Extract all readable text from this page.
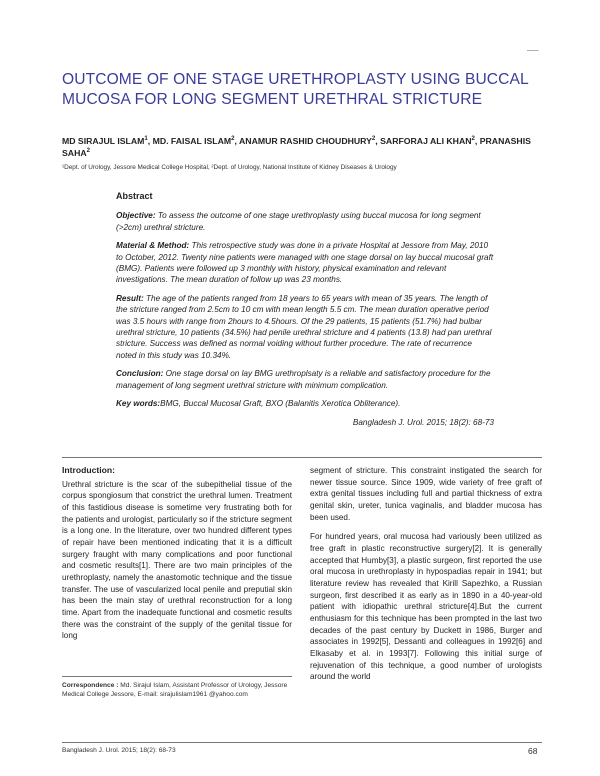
___
OUTCOME OF ONE STAGE URETHROPLASTY USING BUCCAL MUCOSA FOR LONG SEGMENT URETHRAL STRICTURE
MD SIRAJUL ISLAM$^1$, MD. FAISAL ISLAM$^2$, ANAMUR RASHID CHOUDHURY$^2$, SARFORAJ ALI KHAN$^2$, PRANASHIS SAHA$^2$
¹Dept. of Urology, Jessore Medical College Hospital, ²Dept. of Urology, National Institute of Kidney Diseases & Urology
Abstract

Objective: To assess the outcome of one stage urethroplasty using buccal mucosa for long segment (>2cm) urethral stricture.

Material & Method: This retrospective study was done in a private Hospital at Jessore from May, 2010 to October, 2012. Twenty nine patients were managed with one stage dorsal on lay buccal mucosal graft (BMG). Patients were followed up 3 monthly with history, physical examination and relevant investigations. The mean duration of follow up was 23 months.

Result: The age of the patients ranged from 18 years to 65 years with mean of 35 years. The length of the stricture ranged from 2.5cm to 10 cm with mean length 5.5 cm. The mean duration operative period was 3.5 hours with range from 2hours to 4.5hours. Of the 29 patients, 15 patients (51.7%) had bulbar urethral stricture, 10 patients (34.5%) had penile urethral stricture and 4 patients (13.8) had pan urethral stricture. Success was defined as normal voiding without further procedure. The rate of recurrence noted in this study was 10.34%.

Conclusion: One stage dorsal on lay BMG urethroplsaty is a reliable and satisfactory procedure for the management of long segment urethral stricture with minimum complication.

Key words:BMG, Buccal Mucosal Graft, BXO (Balanitis Xerotica Obliterance).

Bangladesh J. Urol. 2015; 18(2): 68-73
Introduction:

Urethral stricture is the scar of the subepithelial tissue of the corpus spongiosum that constrict the urethral lumen. Treatment of this fastidious disease is sometime very frustrating both for the patients and urologist, particularly so if the stricture segment is a long one. In the literature, over two hundred different types of repair have been mentioned indicating that it is a difficult surgery fraught with many complications and poor functional and cosmetic results[1]. There are two main principles of the urethroplasty, namely the anastomotic technique and the tissue transfer. The use of vascularized local penile and preputial skin has been the main stay of urethral reconstruction for a long time. Apart from the inadequate functional and cosmetic results there was the constraint of the supply of the genital tissue for long

segment of stricture. This constraint instigated the search for newer tissue source. Since 1909, wide variety of free graft of extra genital tissues including full and partial thickness of extra genital skin, ureter, tunica vaginalis, and bladder mucosa has been used.

For hundred years, oral mucosa had variously been utilized as free graft in plastic reconstructive surgery[2]. It is generally accepted that Humby[3], a plastic surgeon, first reported the use oral mucosa in urethroplasty in hypospadias repair in 1941; but literature review has revealed that Kirill Sapezhko, a Russian surgeon, first described it as early as in 1890 in a 40-year-old patient with idiopathic urethral stricture[4].But the current enthusiasm for this technique has been prompted in the last two decades of the past century by Duckett in 1986, Burger and associates in 1992[5], Dessanti and colleagues in 1992[6] and Elkasaby et al. in 1993[7]. Following this initial surge of rejuvenation of this technique, a good number of urologists around the world

Correspondence : Md. Sirajul Islam, Assistant Professor of Urology, Jessore Medical College Jessore, E-mail: sirajulislam1961 @yahoo.com
Bangladesh J. Urol. 2015; 18(2): 68-73	68
